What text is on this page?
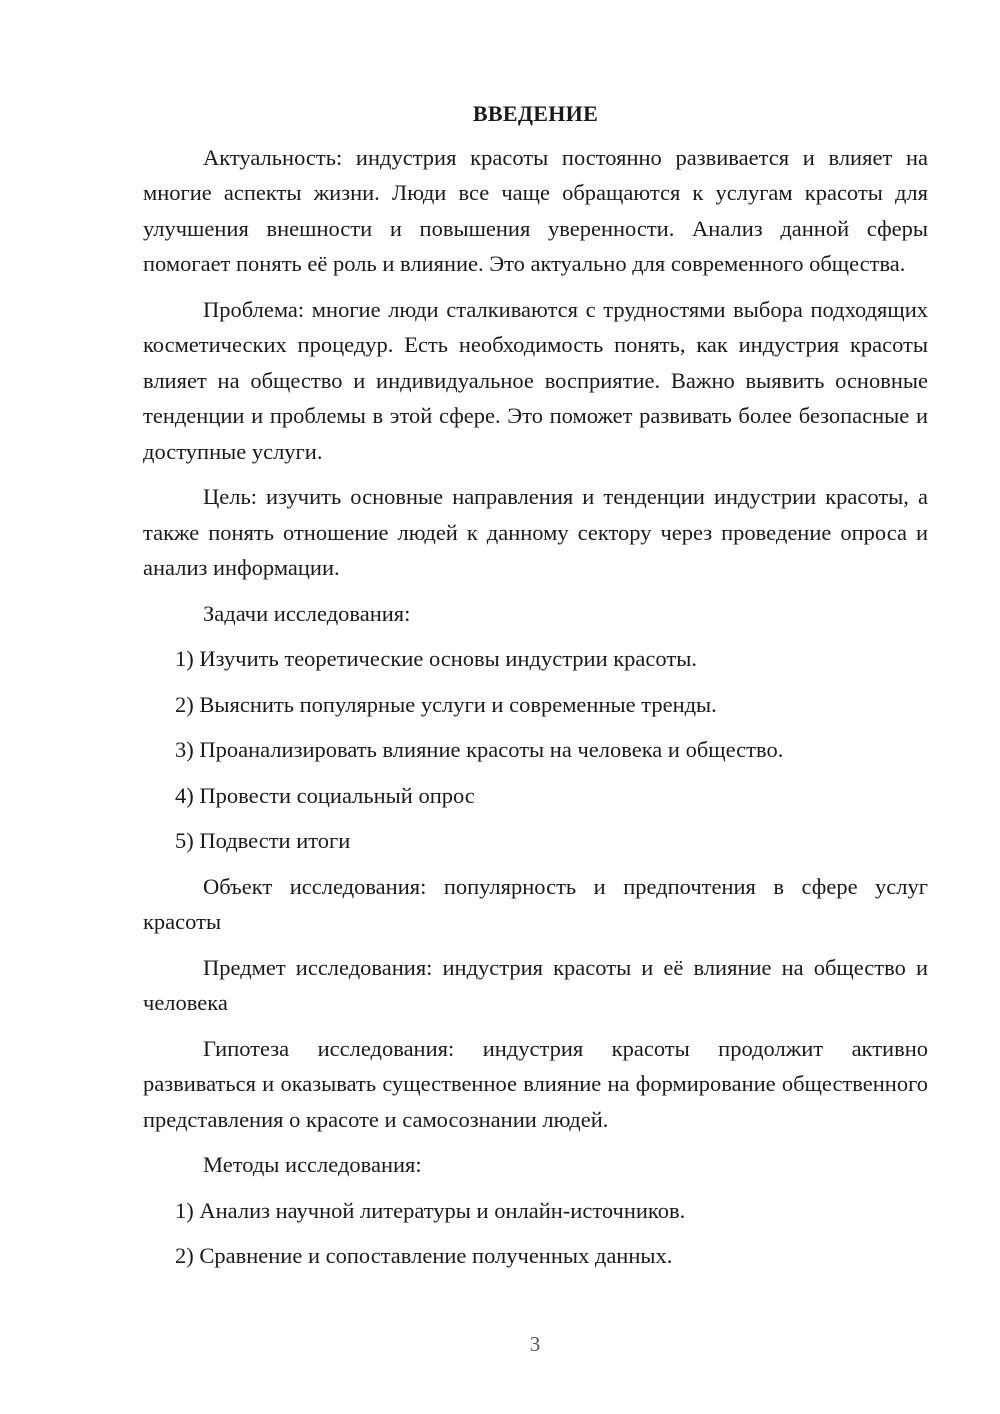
ВВЕДЕНИЕ

Актуальность: индустрия красоты постоянно развивается и влияет на многие аспекты жизни. Люди все чаще обращаются к услугам красоты для улучшения внешности и повышения уверенности. Анализ данной сферы помогает понять её роль и влияние. Это актуально для современного общества.

Проблема: многие люди сталкиваются с трудностями выбора подходящих косметических процедур. Есть необходимость понять, как индустрия красоты влияет на общество и индивидуальное восприятие. Важно выявить основные тенденции и проблемы в этой сфере. Это поможет развивать более безопасные и доступные услуги.

Цель: изучить основные направления и тенденции индустрии красоты, а также понять отношение людей к данному сектору через проведение опроса и анализ информации.

Задачи исследования:

1) Изучить теоретические основы индустрии красоты.

2) Выяснить популярные услуги и современные тренды.

3) Проанализировать влияние красоты на человека и общество.

4) Провести социальный опрос

5) Подвести итоги

Объект исследования: популярность и предпочтения в сфере услуг красоты

Предмет исследования: индустрия красоты и её влияние на общество и человека

Гипотеза исследования: индустрия красоты продолжит активно развиваться и оказывать существенное влияние на формирование общественного представления о красоте и самосознании людей.

Методы исследования:

1) Анализ научной литературы и онлайн-источников.

2) Сравнение и сопоставление полученных данных.

3
